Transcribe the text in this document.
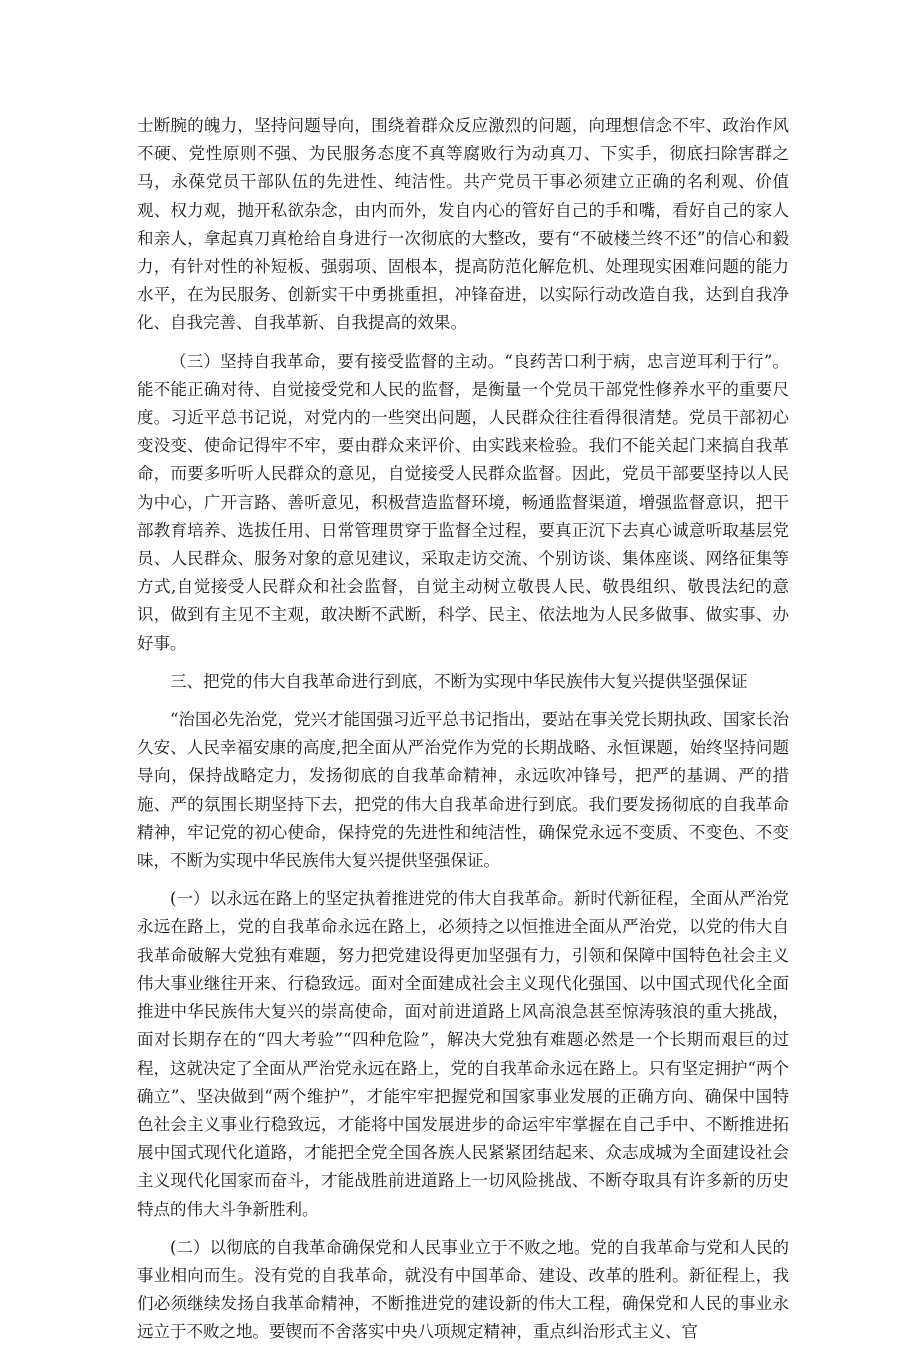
士断腕的魄力，坚持问题导向，围绕着群众反应激烈的问题，向理想信念不牢、政治作风不硬、党性原则不强、为民服务态度不真等腐败行为动真刀、下实手，彻底扫除害群之马，永葆党员干部队伍的先进性、纯洁性。共产党员干事必须建立正确的名利观、价值观、权力观，抛开私欲杂念，由内而外，发自内心的管好自己的手和嘴，看好自己的家人和亲人，拿起真刀真枪给自身进行一次彻底的大整改，要有“不破楼兰终不还”的信心和毅力，有针对性的补短板、强弱项、固根本，提高防范化解危机、处理现实困难问题的能力水平，在为民服务、创新实干中勇挑重担，冲锋奋进，以实际行动改造自我，达到自我净化、自我完善、自我革新、自我提高的效果。

（三）坚持自我革命，要有接受监督的主动。“良药苦口利于病，忠言逆耳利于行”。能不能正确对待、自觉接受党和人民的监督，是衡量一个党员干部党性修养水平的重要尺度。习近平总书记说，对党内的一些突出问题，人民群众往往看得很清楚。党员干部初心变没变、使命记得牢不牢，要由群众来评价、由实践来检验。我们不能关起门来搞自我革命，而要多听听人民群众的意见，自觉接受人民群众监督。因此，党员干部要坚持以人民为中心，广开言路、善听意见，积极营造监督环境，畅通监督渠道，增强监督意识，把干部教育培养、选拔任用、日常管理贯穿于监督全过程，要真正沉下去真心诚意听取基层党员、人民群众、服务对象的意见建议，采取走访交流、个别访谈、集体座谈、网络征集等方式,自觉接受人民群众和社会监督，自觉主动树立敬畏人民、敬畏组织、敬畏法纪的意识，做到有主见不主观，敢决断不武断，科学、民主、依法地为人民多做事、做实事、办好事。

三、把党的伟大自我革命进行到底，不断为实现中华民族伟大复兴提供坚强保证

“治国必先治党，党兴才能国强习近平总书记指出，要站在事关党长期执政、国家长治久安、人民幸福安康的高度,把全面从严治党作为党的长期战略、永恒课题，始终坚持问题导向，保持战略定力，发扬彻底的自我革命精神，永远吹冲锋号，把严的基调、严的措施、严的氛围长期坚持下去，把党的伟大自我革命进行到底。我们要发扬彻底的自我革命精神，牢记党的初心使命，保持党的先进性和纯洁性，确保党永远不变质、不变色、不变味，不断为实现中华民族伟大复兴提供坚强保证。

(一）以永远在路上的坚定执着推进党的伟大自我革命。新时代新征程，全面从严治党永远在路上，党的自我革命永远在路上，必须持之以恒推进全面从严治党，以党的伟大自我革命破解大党独有难题，努力把党建设得更加坚强有力，引领和保障中国特色社会主义伟大事业继往开来、行稳致远。面对全面建成社会主义现代化强国、以中国式现代化全面推进中华民族伟大复兴的崇高使命，面对前进道路上风高浪急甚至惊涛骇浪的重大挑战，面对长期存在的“四大考验”“四种危险”，解决大党独有难题必然是一个长期而艰巨的过程，这就决定了全面从严治党永远在路上，党的自我革命永远在路上。只有坚定拥护“两个确立”、坚决做到“两个维护”，才能牢牢把握党和国家事业发展的正确方向、确保中国特色社会主义事业行稳致远，才能将中国发展进步的命运牢牢掌握在自己手中、不断推进拓展中国式现代化道路，才能把全党全国各族人民紧紧团结起来、众志成城为全面建设社会主义现代化国家而奋斗，才能战胜前进道路上一切风险挑战、不断夺取具有许多新的历史特点的伟大斗争新胜利。

(二）以彻底的自我革命确保党和人民事业立于不败之地。党的自我革命与党和人民的事业相向而生。没有党的自我革命，就没有中国革命、建设、改革的胜利。新征程上，我们必须继续发扬自我革命精神，不断推进党的建设新的伟大工程，确保党和人民的事业永远立于不败之地。要锲而不舍落实中央八项规定精神，重点纠治形式主义、官
